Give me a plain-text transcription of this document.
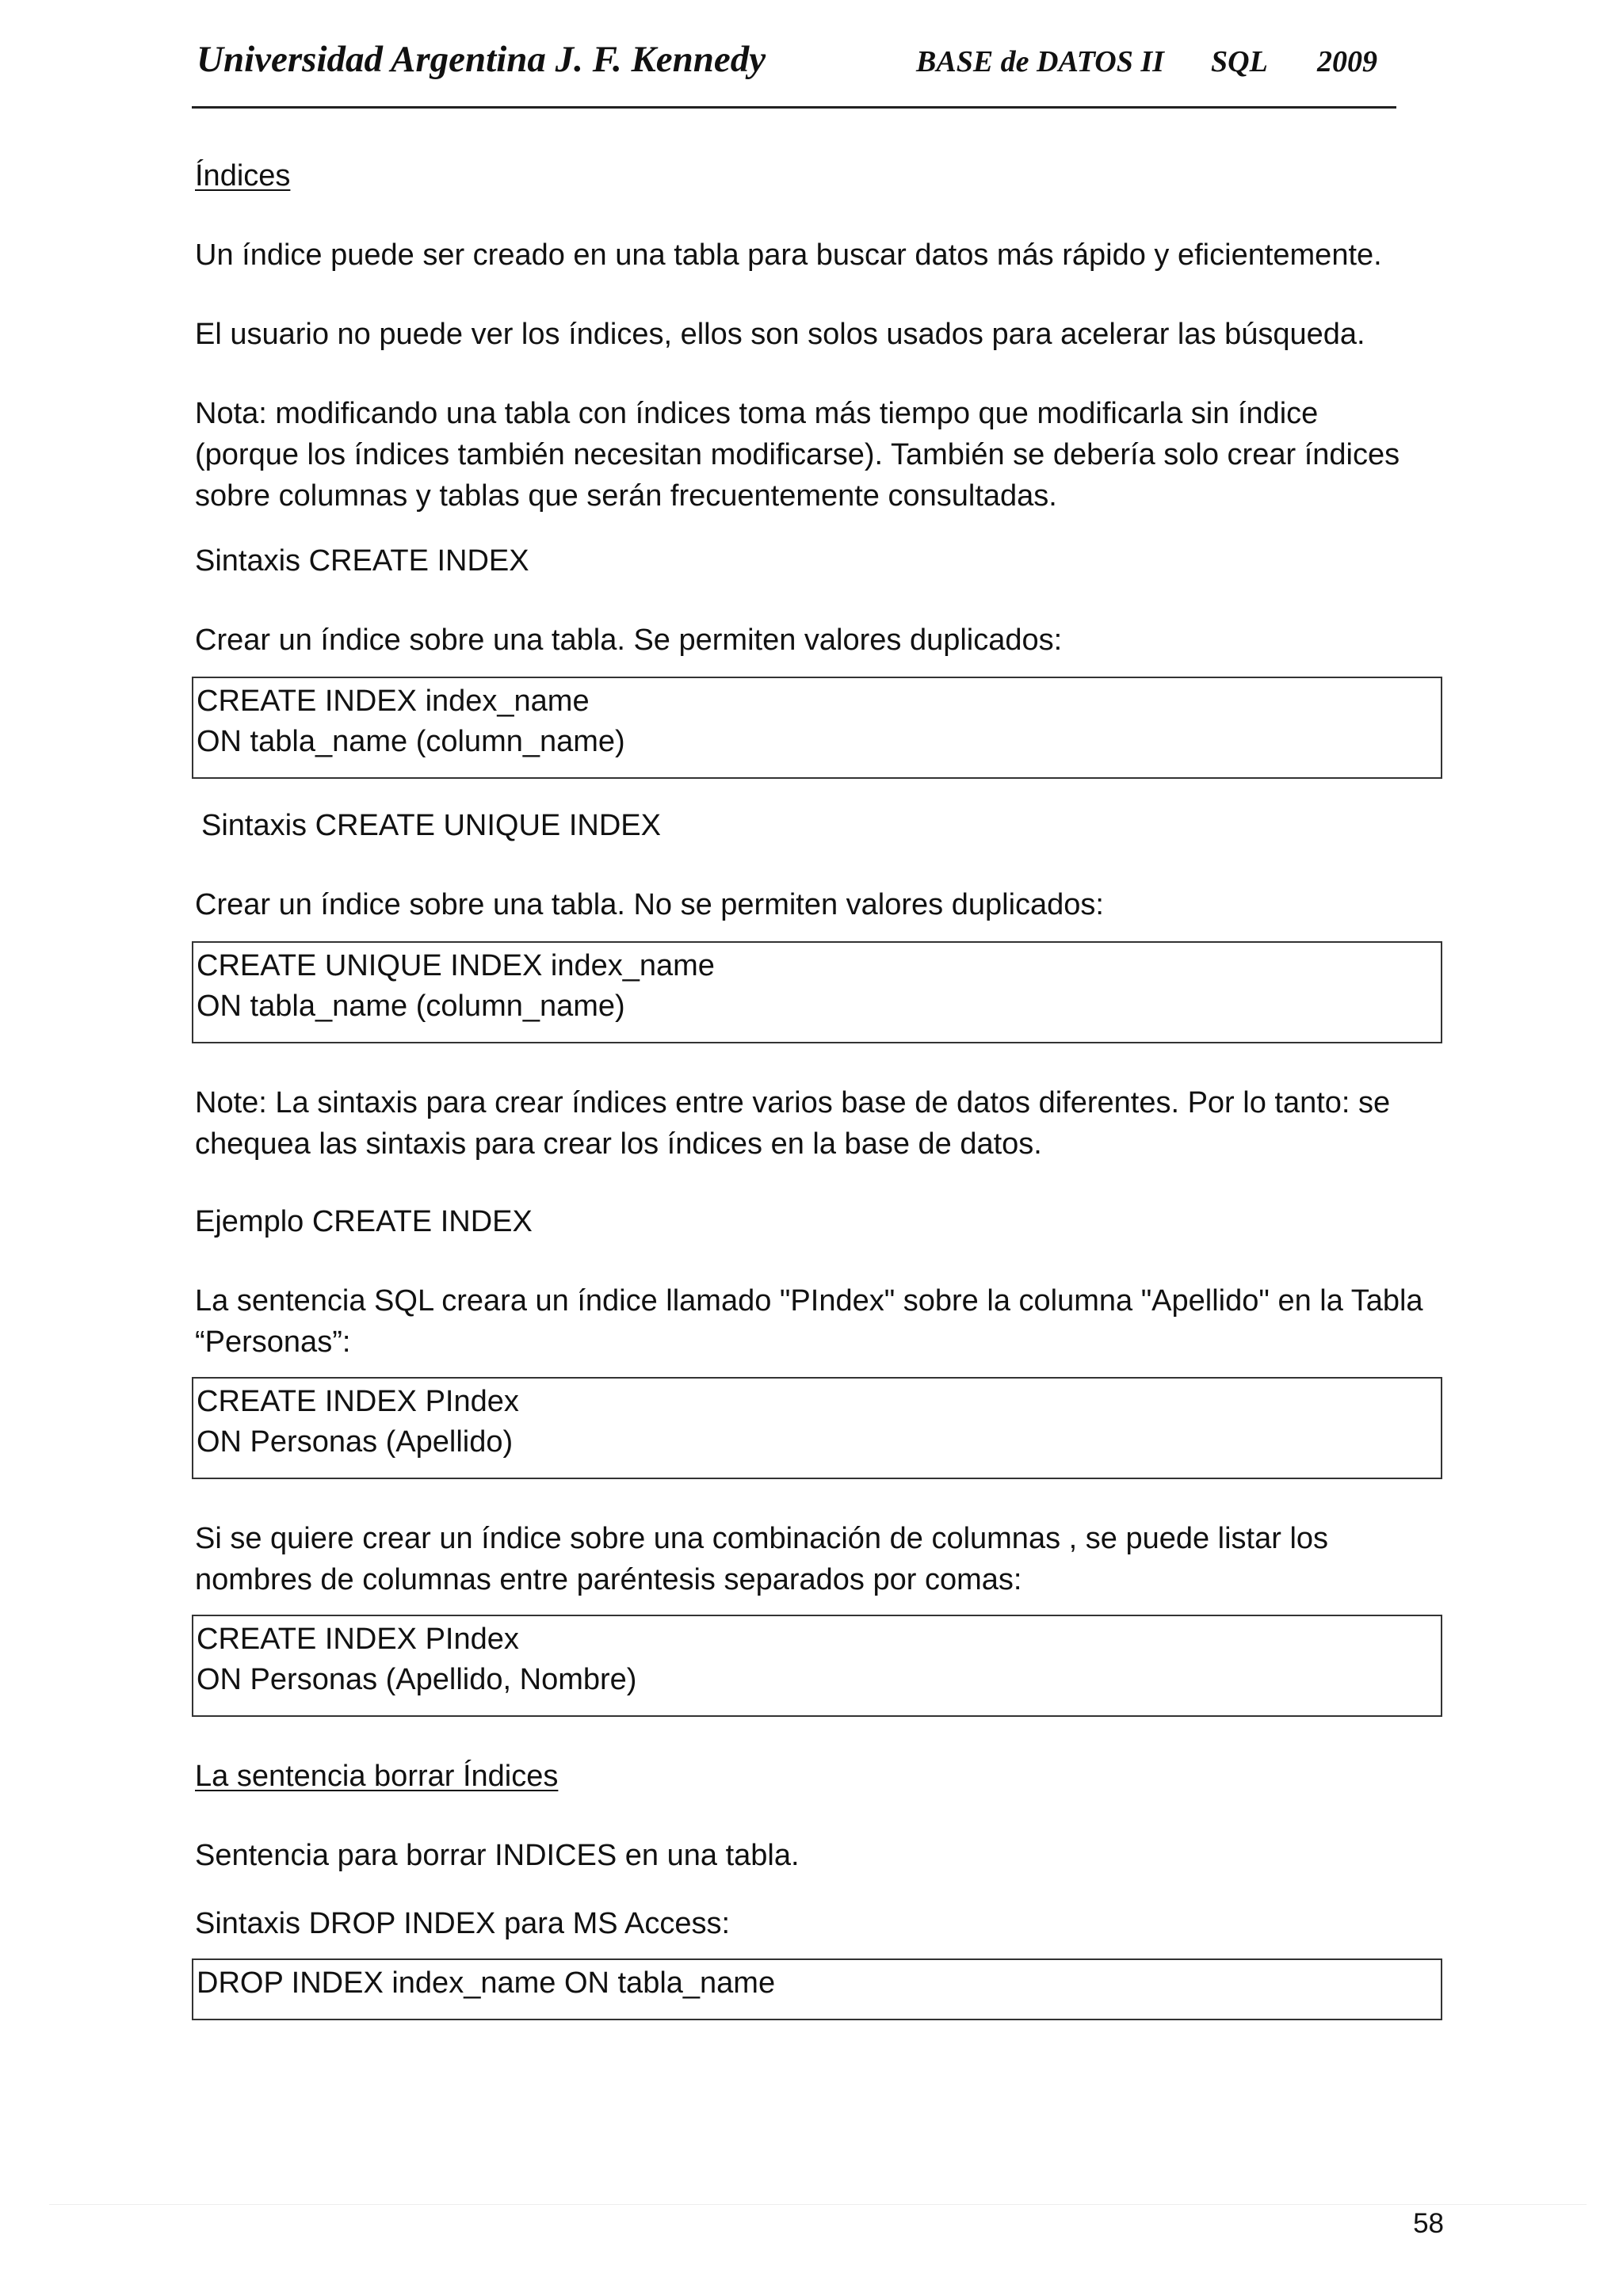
Universidad Argentina J. F. Kennedy	BASE de DATOS II SQL 2009
Índices
Un índice puede ser creado en una tabla para buscar datos más rápido y eficientemente.
El usuario no puede ver los índices, ellos son solos usados para acelerar las búsqueda.
Nota: modificando una tabla con índices toma más tiempo que modificarla sin índice
(porque los índices también necesitan modificarse). También se debería solo crear índices
sobre columnas y tablas que serán frecuentemente consultadas.
Sintaxis CREATE INDEX
Crear un índice sobre una tabla. Se permiten valores duplicados:
CREATE INDEX index_name
ON tabla_name (column_name)
Sintaxis CREATE UNIQUE INDEX
Crear un índice sobre una tabla. No se permiten valores duplicados:
CREATE UNIQUE INDEX index_name
ON tabla_name (column_name)
Note: La sintaxis para crear índices entre varios base de datos diferentes. Por lo tanto: se
chequea las sintaxis para crear los índices en la base de datos.
Ejemplo CREATE INDEX
La sentencia SQL creara un índice llamado "PIndex" sobre la columna "Apellido" en la Tabla
“Personas”:
CREATE INDEX PIndex
ON Personas (Apellido)
Si se quiere crear un índice sobre una combinación de columnas , se puede listar los
nombres de columnas entre paréntesis separados por comas:
CREATE INDEX PIndex
ON Personas (Apellido, Nombre)
La sentencia borrar Índices
Sentencia para borrar INDICES en una tabla.
Sintaxis DROP INDEX para MS Access:
DROP INDEX index_name ON tabla_name
58
